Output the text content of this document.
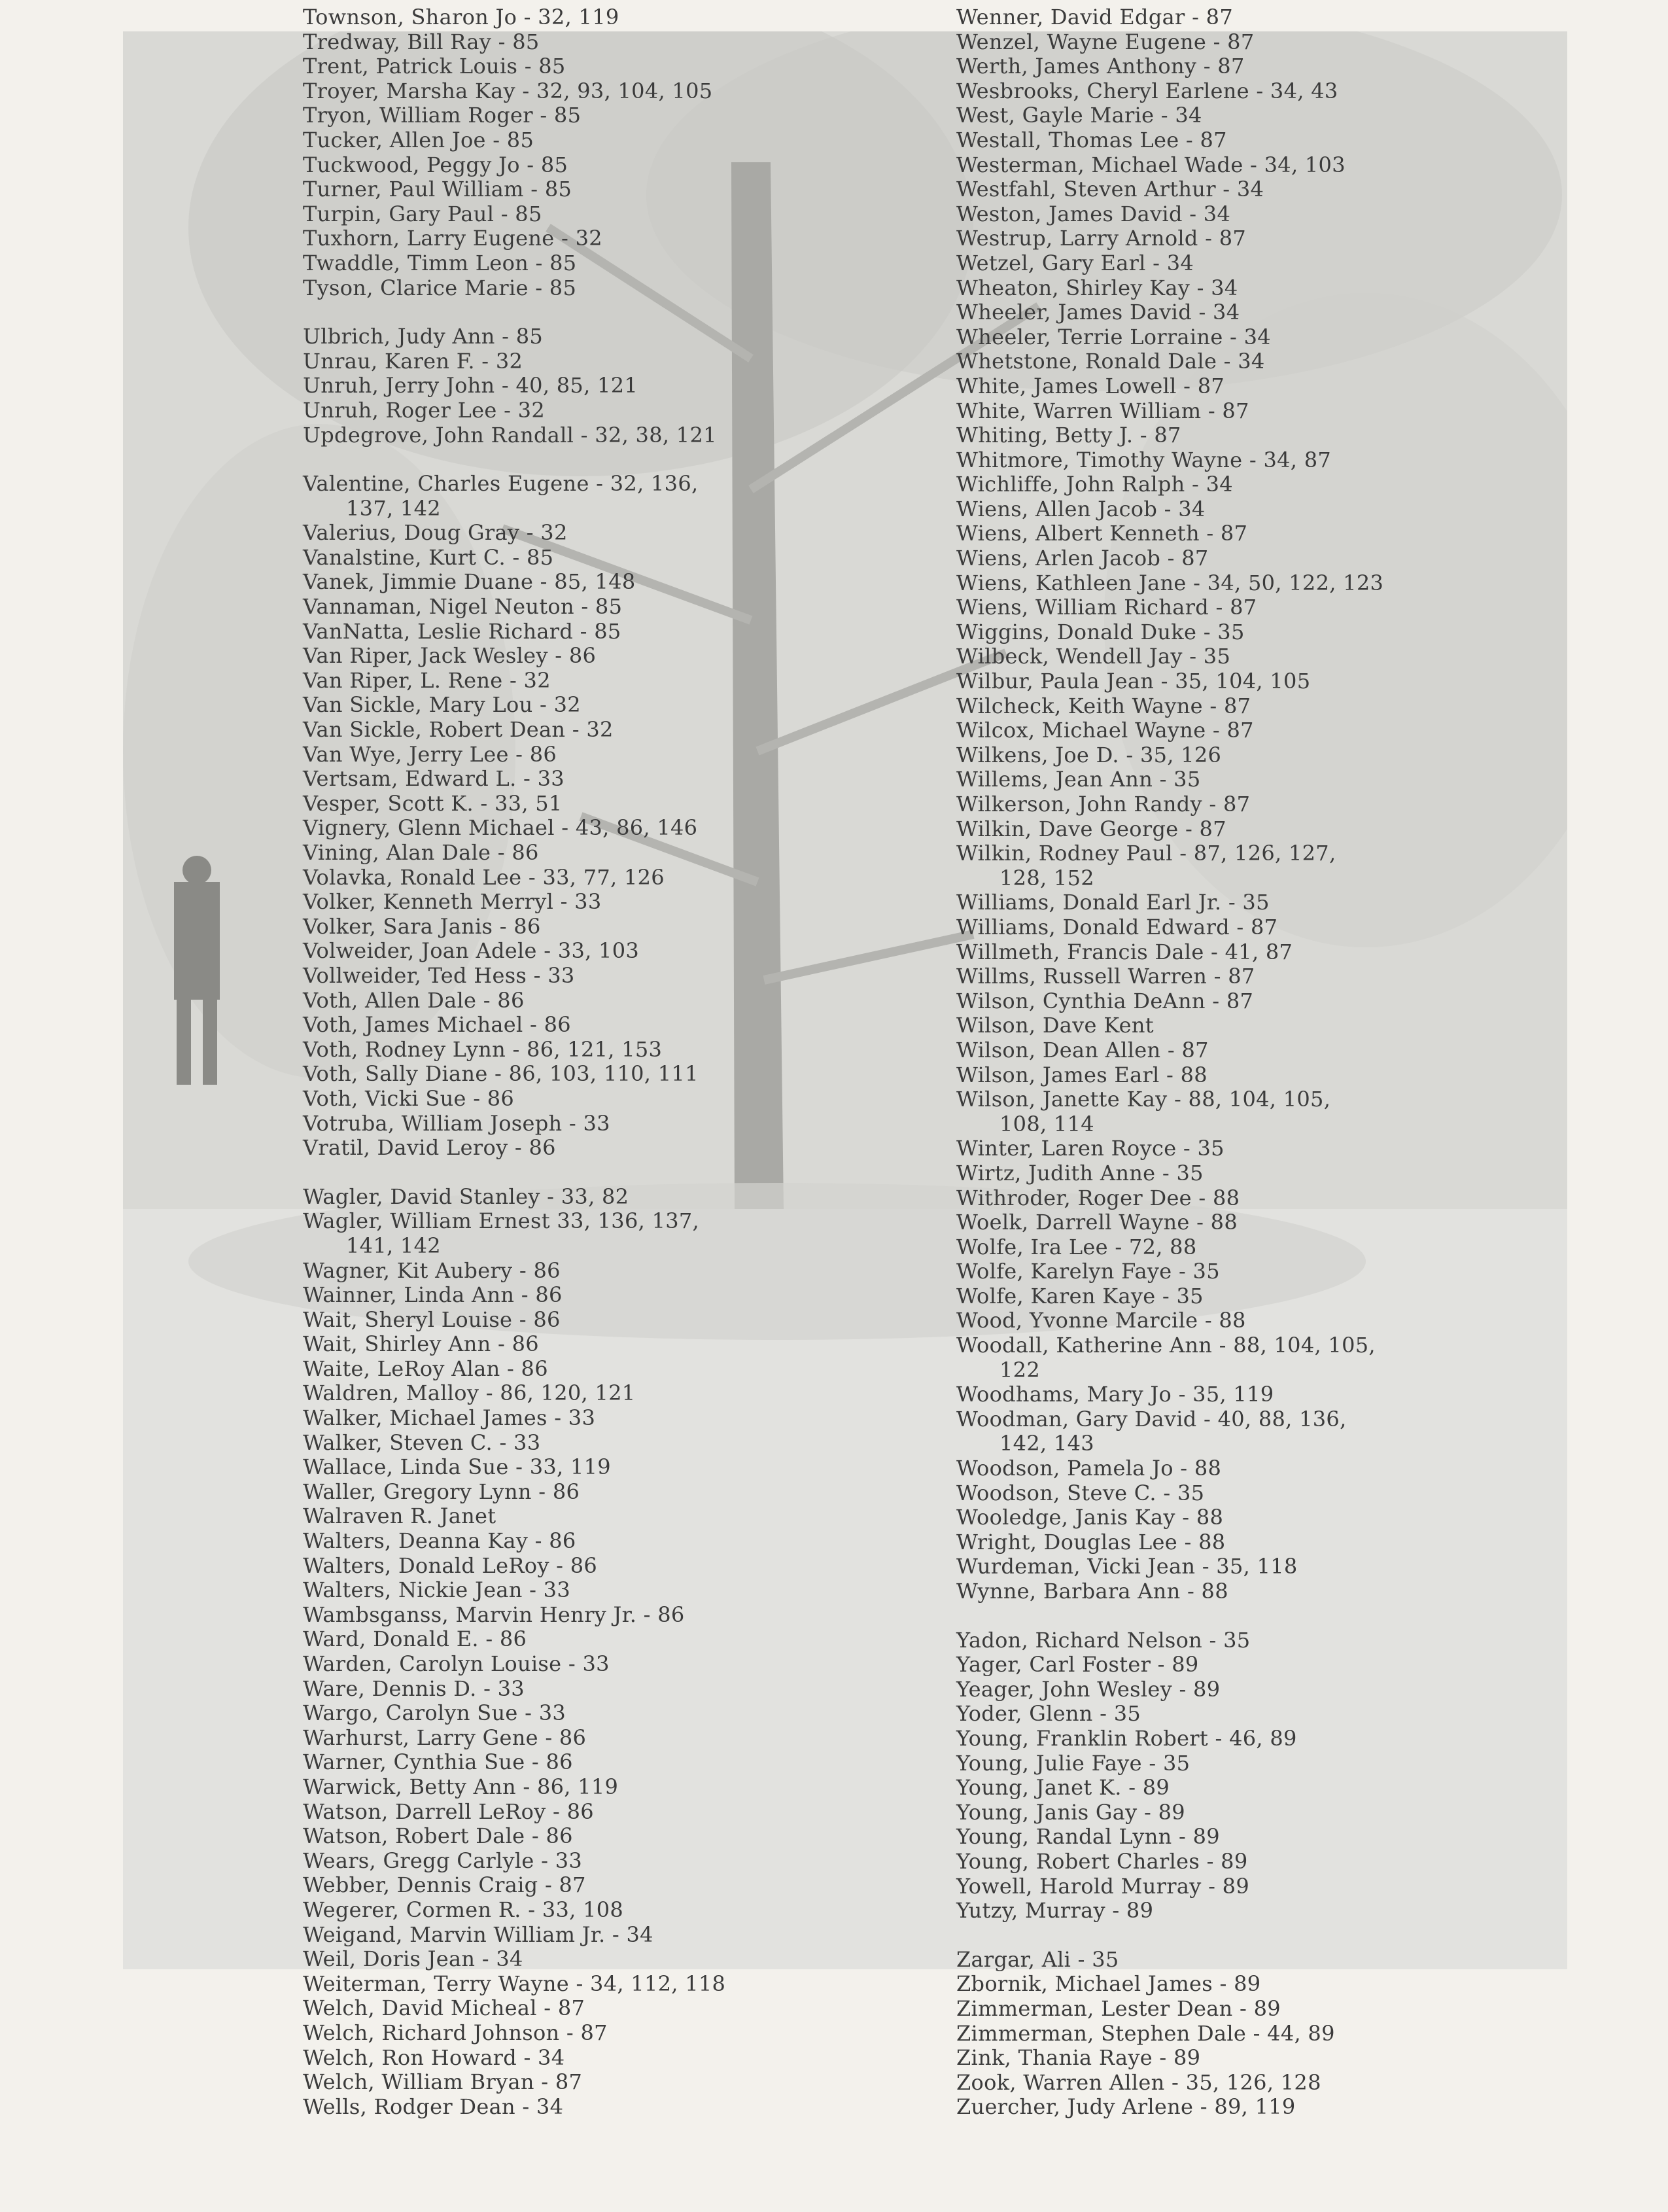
Townson, Sharon Jo - 32, 119
Tredway, Bill Ray - 85
Trent, Patrick Louis - 85
Troyer, Marsha Kay - 32, 93, 104, 105
Tryon, William Roger - 85
Tucker, Allen Joe - 85
Tuckwood, Peggy Jo - 85
Turner, Paul William - 85
Turpin, Gary Paul - 85
Tuxhorn, Larry Eugene - 32
Twaddle, Timm Leon - 85
Tyson, Clarice Marie - 85
Ulbrich, Judy Ann - 85
Unrau, Karen F. - 32
Unruh, Jerry John - 40, 85, 121
Unruh, Roger Lee - 32
Updegrove, John Randall - 32, 38, 121
Valentine, Charles Eugene - 32, 136,
137, 142
Valerius, Doug Gray - 32
Vanalstine, Kurt C. - 85
Vanek, Jimmie Duane - 85, 148
Vannaman, Nigel Neuton - 85
VanNatta, Leslie Richard - 85
Van Riper, Jack Wesley - 86
Van Riper, L. Rene - 32
Van Sickle, Mary Lou - 32
Van Sickle, Robert Dean - 32
Van Wye, Jerry Lee - 86
Vertsam, Edward L. - 33
Vesper, Scott K. - 33, 51
Vignery, Glenn Michael - 43, 86, 146
Vining, Alan Dale - 86
Volavka, Ronald Lee - 33, 77, 126
Volker, Kenneth Merryl - 33
Volker, Sara Janis - 86
Volweider, Joan Adele - 33, 103
Vollweider, Ted Hess - 33
Voth, Allen Dale - 86
Voth, James Michael - 86
Voth, Rodney Lynn - 86, 121, 153
Voth, Sally Diane - 86, 103, 110, 111
Voth, Vicki Sue - 86
Votruba, William Joseph - 33
Vratil, David Leroy - 86
Wagler, David Stanley - 33, 82
Wagler, William Ernest 33, 136, 137,
141, 142
Wagner, Kit Aubery - 86
Wainner, Linda Ann - 86
Wait, Sheryl Louise - 86
Wait, Shirley Ann - 86
Waite, LeRoy Alan - 86
Waldren, Malloy - 86, 120, 121
Walker, Michael James - 33
Walker, Steven C. - 33
Wallace, Linda Sue - 33, 119
Waller, Gregory Lynn - 86
Walraven R. Janet
Walters, Deanna Kay - 86
Walters, Donald LeRoy - 86
Walters, Nickie Jean - 33
Wambsganss, Marvin Henry Jr. - 86
Ward, Donald E. - 86
Warden, Carolyn Louise - 33
Ware, Dennis D. - 33
Wargo, Carolyn Sue - 33
Warhurst, Larry Gene - 86
Warner, Cynthia Sue - 86
Warwick, Betty Ann - 86, 119
Watson, Darrell LeRoy - 86
Watson, Robert Dale - 86
Wears, Gregg Carlyle - 33
Webber, Dennis Craig - 87
Wegerer, Cormen R. - 33, 108
Weigand, Marvin William Jr. - 34
Weil, Doris Jean - 34
Weiterman, Terry Wayne - 34, 112, 118
Welch, David Micheal - 87
Welch, Richard Johnson - 87
Welch, Ron Howard - 34
Welch, William Bryan - 87
Wells, Rodger Dean - 34
Wenner, David Edgar - 87
Wenzel, Wayne Eugene - 87
Werth, James Anthony - 87
Wesbrooks, Cheryl Earlene - 34, 43
West, Gayle Marie - 34
Westall, Thomas Lee - 87
Westerman, Michael Wade - 34, 103
Westfahl, Steven Arthur - 34
Weston, James David - 34
Westrup, Larry Arnold - 87
Wetzel, Gary Earl - 34
Wheaton, Shirley Kay - 34
Wheeler, James David - 34
Wheeler, Terrie Lorraine - 34
Whetstone, Ronald Dale - 34
White, James Lowell - 87
White, Warren William - 87
Whiting, Betty J. - 87
Whitmore, Timothy Wayne - 34, 87
Wichliffe, John Ralph - 34
Wiens, Allen Jacob - 34
Wiens, Albert Kenneth - 87
Wiens, Arlen Jacob - 87
Wiens, Kathleen Jane - 34, 50, 122, 123
Wiens, William Richard - 87
Wiggins, Donald Duke - 35
Wilbeck, Wendell Jay - 35
Wilbur, Paula Jean - 35, 104, 105
Wilcheck, Keith Wayne - 87
Wilcox, Michael Wayne - 87
Wilkens, Joe D. - 35, 126
Willems, Jean Ann - 35
Wilkerson, John Randy - 87
Wilkin, Dave George - 87
Wilkin, Rodney Paul - 87, 126, 127,
128, 152
Williams, Donald Earl Jr. - 35
Williams, Donald Edward - 87
Willmeth, Francis Dale - 41, 87
Willms, Russell Warren - 87
Wilson, Cynthia DeAnn - 87
Wilson, Dave Kent
Wilson, Dean Allen - 87
Wilson, James Earl - 88
Wilson, Janette Kay - 88, 104, 105,
108, 114
Winter, Laren Royce - 35
Wirtz, Judith Anne - 35
Withroder, Roger Dee - 88
Woelk, Darrell Wayne - 88
Wolfe, Ira Lee - 72, 88
Wolfe, Karelyn Faye - 35
Wolfe, Karen Kaye - 35
Wood, Yvonne Marcile - 88
Woodall, Katherine Ann - 88, 104, 105,
122
Woodhams, Mary Jo - 35, 119
Woodman, Gary David - 40, 88, 136,
142, 143
Woodson, Pamela Jo - 88
Woodson, Steve C. - 35
Wooledge, Janis Kay - 88
Wright, Douglas Lee - 88
Wurdeman, Vicki Jean - 35, 118
Wynne, Barbara Ann - 88
Yadon, Richard Nelson - 35
Yager, Carl Foster - 89
Yeager, John Wesley - 89
Yoder, Glenn - 35
Young, Franklin Robert - 46, 89
Young, Julie Faye - 35
Young, Janet K. - 89
Young, Janis Gay - 89
Young, Randal Lynn - 89
Young, Robert Charles - 89
Yowell, Harold Murray - 89
Yutzy, Murray - 89
Zargar, Ali - 35
Zbornik, Michael James - 89
Zimmerman, Lester Dean - 89
Zimmerman, Stephen Dale - 44, 89
Zink, Thania Raye - 89
Zook, Warren Allen - 35, 126, 128
Zuercher, Judy Arlene - 89, 119
